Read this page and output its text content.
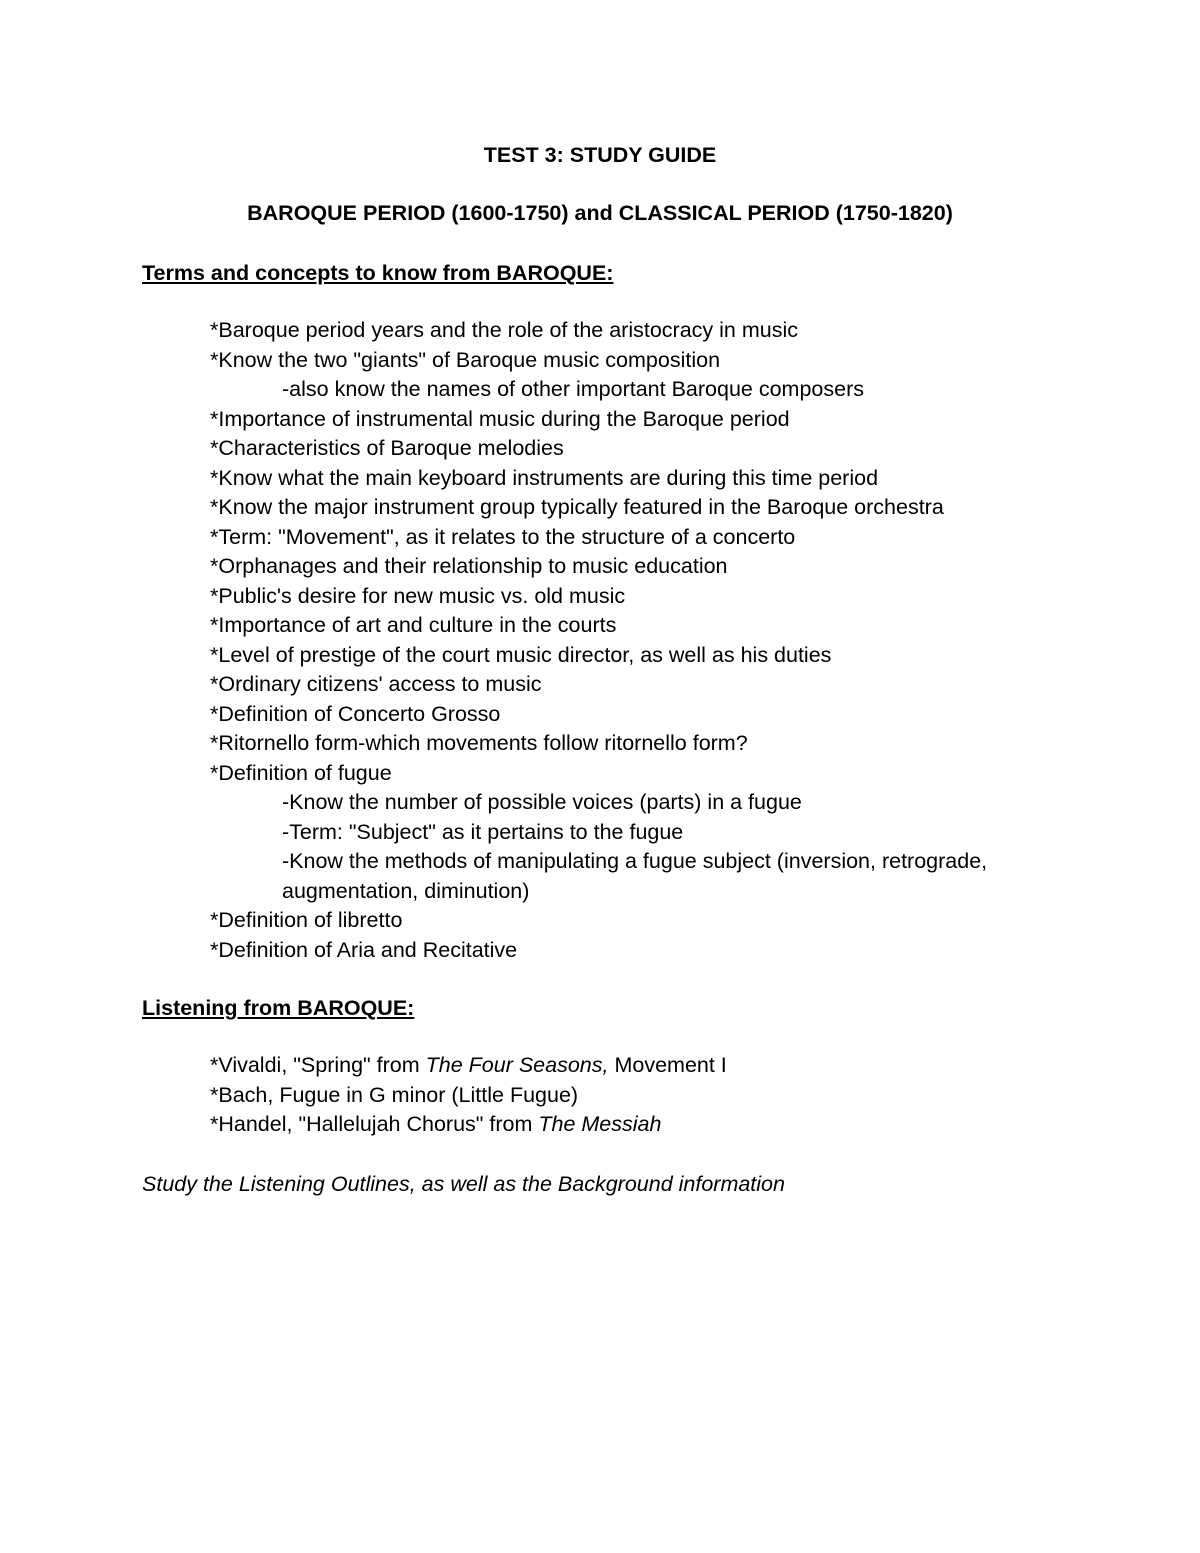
TEST 3: STUDY GUIDE
BAROQUE PERIOD (1600-1750) and CLASSICAL PERIOD (1750-1820)
Terms and concepts to know from BAROQUE:
*Baroque period years and the role of the aristocracy in music
*Know the two "giants" of Baroque music composition
-also know the names of other important Baroque composers
*Importance of instrumental music during the Baroque period
*Characteristics of Baroque melodies
*Know what the main keyboard instruments are during this time period
*Know the major instrument group typically featured in the Baroque orchestra
*Term: "Movement", as it relates to the structure of a concerto
*Orphanages and their relationship to music education
*Public's desire for new music vs. old music
*Importance of art and culture in the courts
*Level of prestige of the court music director, as well as his duties
*Ordinary citizens' access to music
*Definition of Concerto Grosso
*Ritornello form-which movements follow ritornello form?
*Definition of fugue
-Know the number of possible voices (parts) in a fugue
-Term: "Subject" as it pertains to the fugue
-Know the methods of manipulating a fugue subject (inversion, retrograde,
augmentation, diminution)
*Definition of libretto
*Definition of Aria and Recitative
Listening from BAROQUE:
*Vivaldi, "Spring" from The Four Seasons, Movement I
*Bach, Fugue in G minor (Little Fugue)
*Handel, "Hallelujah Chorus" from The Messiah
Study the Listening Outlines, as well as the Background information
